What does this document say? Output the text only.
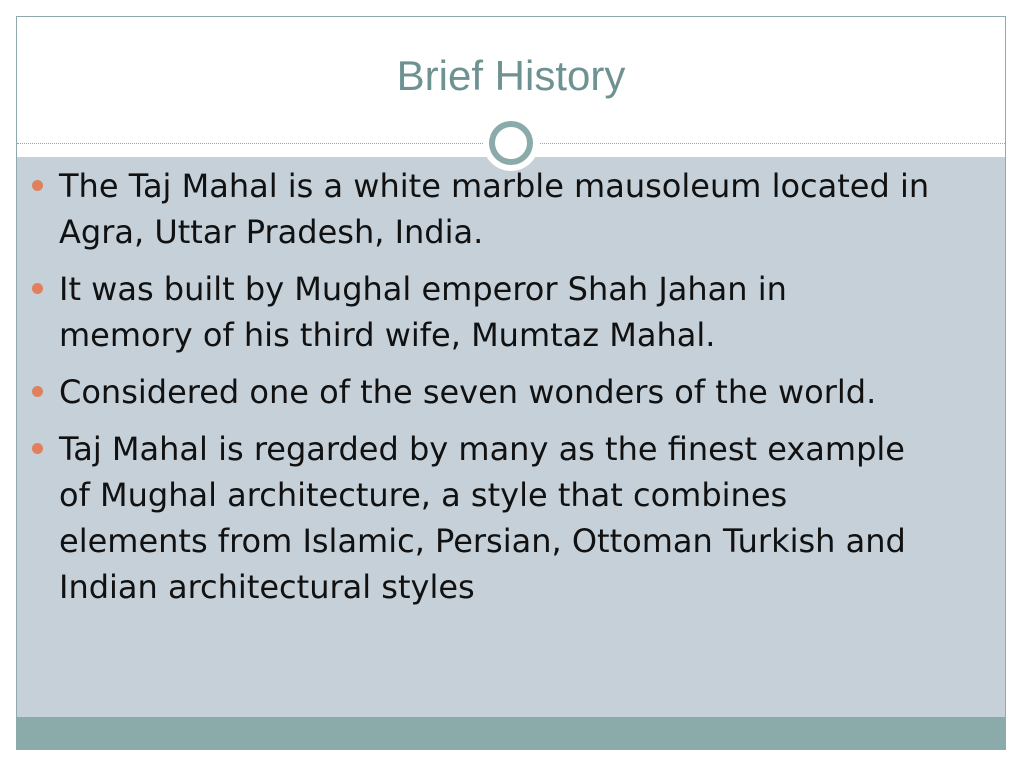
Brief History
The Taj Mahal is a white marble mausoleum located in Agra, Uttar Pradesh, India.
It was built by Mughal emperor Shah Jahan in memory of his third wife, Mumtaz Mahal.
Considered one of the seven wonders of the world.
Taj Mahal is regarded by many as the finest example of Mughal architecture, a style that combines elements from Islamic, Persian, Ottoman Turkish and Indian architectural styles
